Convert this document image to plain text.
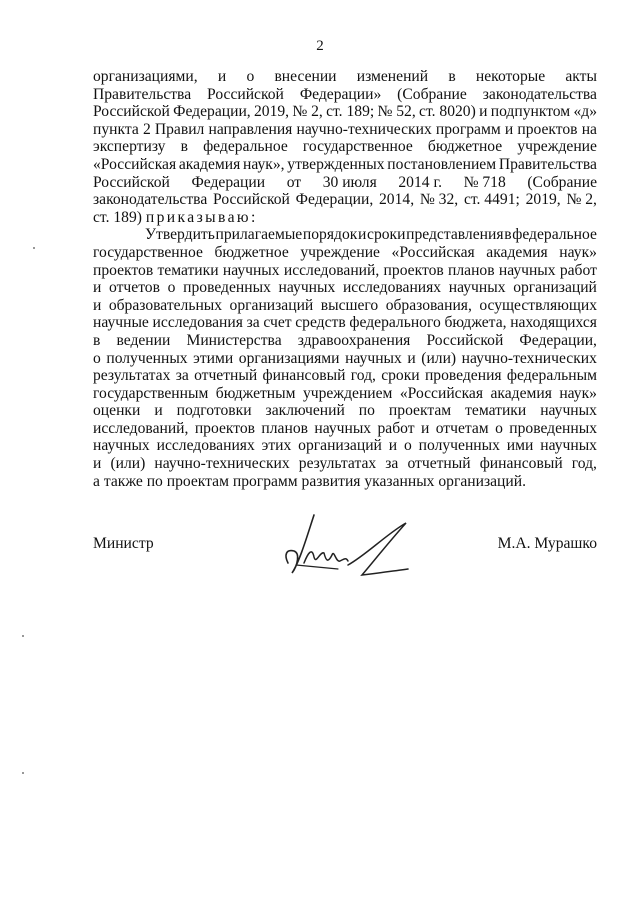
2
организациями, и о внесении изменений в некоторые акты
Правительства Российской Федерации» (Собрание законодательства
Российской Федерации, 2019, № 2, ст. 189; № 52, ст. 8020) и подпунктом «д»
пункта 2 Правил направления научно-технических программ и проектов на
экспертизу в федеральное государственное бюджетное учреждение
«Российская академия наук», утвержденных постановлением Правительства
Российской Федерации от 30 июля 2014 г. № 718 (Собрание
законодательства Российской Федерации, 2014, № 32, ст. 4491; 2019, № 2,
ст. 189)
приказываю:
Утвердить прилагаемые порядок и сроки представления в федеральное
государственное бюджетное учреждение «Российская академия наук»
проектов тематики научных исследований, проектов планов научных работ
и отчетов о проведенных научных исследованиях научных организаций
и образовательных организаций высшего образования, осуществляющих
научные исследования за счет средств федерального бюджета, находящихся
в ведении Министерства здравоохранения Российской Федерации,
о полученных этими организациями научных и (или) научно-технических
результатах за отчетный финансовый год, сроки проведения федеральным
государственным бюджетным учреждением «Российская академия наук»
оценки и подготовки заключений по проектам тематики научных
исследований, проектов планов научных работ и отчетам о проведенных
научных исследованиях этих организаций и о полученных ими научных
и (или) научно-технических результатах за отчетный финансовый год,
а также по проектам программ развития указанных организаций.
Министр	М.А. Мурашко
